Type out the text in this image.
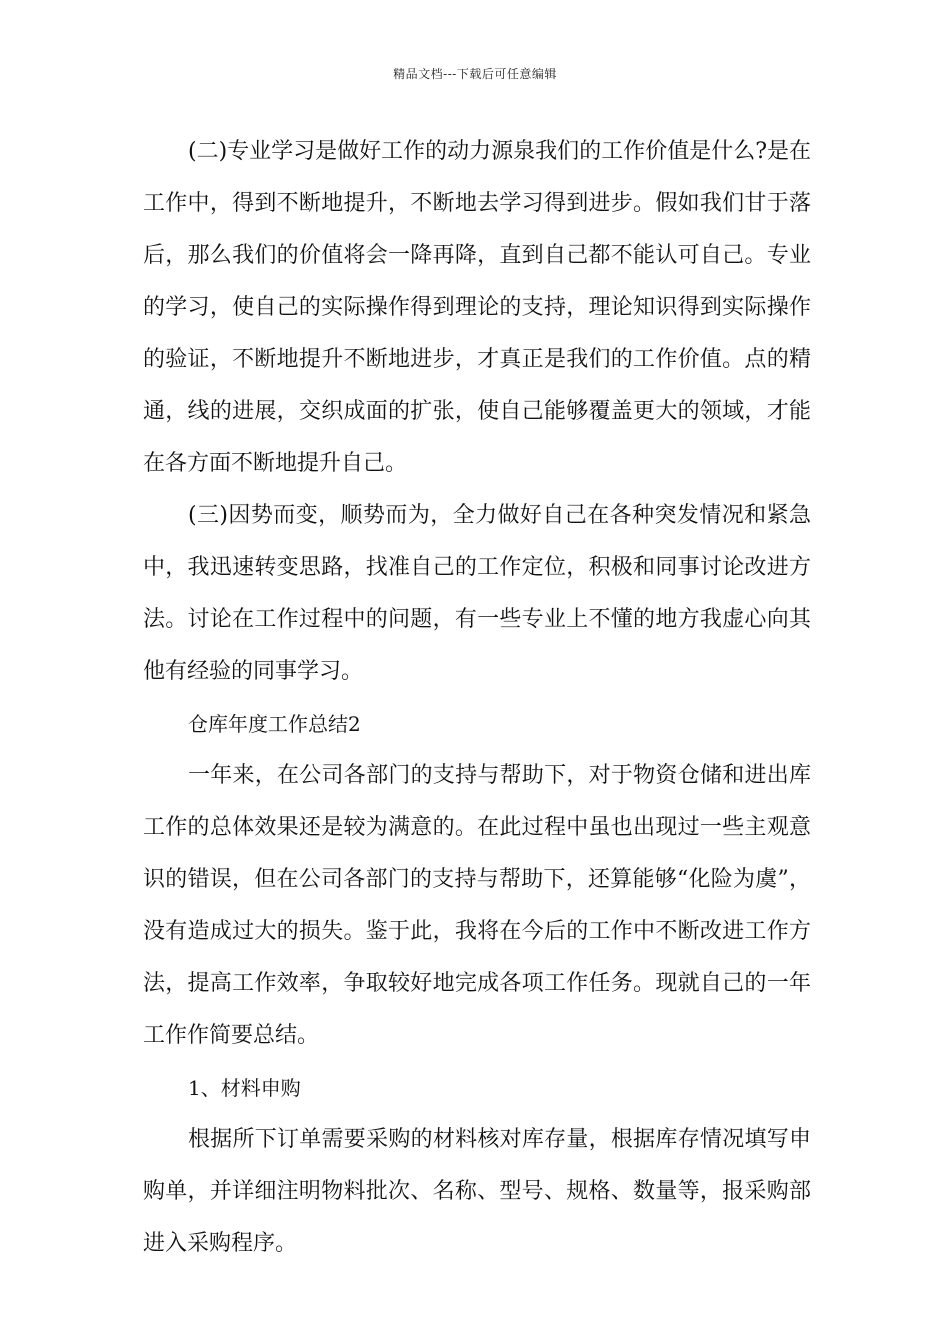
精品文档---下载后可任意编辑

(二)专业学习是做好工作的动力源泉我们的工作价值是什么?是在工作中，得到不断地提升，不断地去学习得到进步。假如我们甘于落后，那么我们的价值将会一降再降，直到自己都不能认可自己。专业的学习，使自己的实际操作得到理论的支持，理论知识得到实际操作的验证，不断地提升不断地进步，才真正是我们的工作价值。点的精通，线的进展，交织成面的扩张，使自己能够覆盖更大的领域，才能在各方面不断地提升自己。

(三)因势而变，顺势而为，全力做好自己在各种突发情况和紧急中，我迅速转变思路，找准自己的工作定位，积极和同事讨论改进方法。讨论在工作过程中的问题，有一些专业上不懂的地方我虚心向其他有经验的同事学习。

仓库年度工作总结2

一年来，在公司各部门的支持与帮助下，对于物资仓储和进出库工作的总体效果还是较为满意的。在此过程中虽也出现过一些主观意识的错误，但在公司各部门的支持与帮助下，还算能够“化险为虞”，没有造成过大的损失。鉴于此，我将在今后的工作中不断改进工作方法，提高工作效率，争取较好地完成各项工作任务。现就自己的一年工作作简要总结。

1、材料申购

根据所下订单需要采购的材料核对库存量，根据库存情况填写申购单，并详细注明物料批次、名称、型号、规格、数量等，报采购部进入采购程序。
